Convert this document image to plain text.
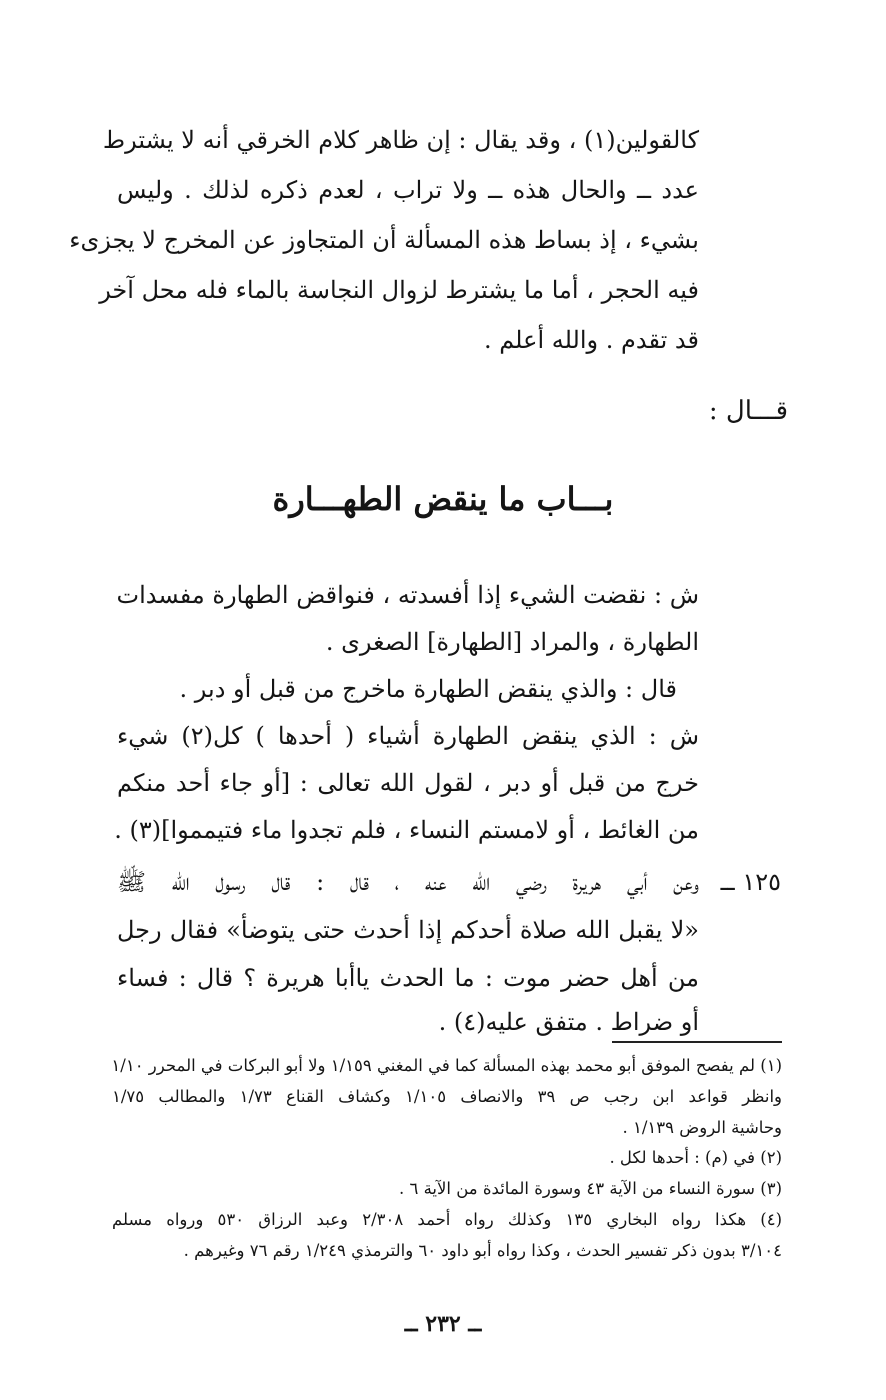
كالقولين(١) ، وقد يقال : إن ظاهر كلام الخرقي أنه لا يشترط
عدد ــ والحال هذه ــ ولا تراب ، لعدم ذكره لذلك . وليس
بشيء ، إذ بساط هذه المسألة أن المتجاوز عن المخرج لا يجزىء
فيه الحجر ، أما ما يشترط لزوال النجاسة بالماء فله محل آخر
قد تقدم . والله أعلم .
قـــال :
بـــاب ما ينقض الطهـــارة
ش : نقضت الشيء إذا أفسدته ، فنواقض الطهارة مفسدات
الطهارة ، والمراد [الطهارة] الصغرى .
قال : والذي ينقض الطهارة ماخرج من قبل أو دبر .
ش : الذي ينقض الطهارة أشياء ( أحدها ) كل(٢) شيء
خرج من قبل أو دبر ، لقول الله تعالى : [أو جاء أحد منكم
من الغائط ، أو لامستم النساء ، فلم تجدوا ماء فتيمموا](٣) .
وعن أبي هريرة رضي الله عنه ، قال : قال رسول الله ﷺ
«لا يقبل الله صلاة أحدكم إذا أحدث حتى يتوضأ» فقال رجل
من أهل حضر موت : ما الحدث ياأبا هريرة ؟ قال : فساء
أو ضراط . متفق عليه(٤) .
١٢٥ ــ
(١) لم يفصح الموفق أبو محمد بهذه المسألة كما في المغني ١/١٥٩ ولا أبو البركات في المحرر ١/١٠
وانظر قواعد ابن رجب ص ٣٩ والانصاف ١/١٠٥ وكشاف القناع ١/٧٣ والمطالب ١/٧٥
وحاشية الروض ١/١٣٩ .
(٢) في (م) : أحدها لكل .
(٣) سورة النساء من الآية ٤٣ وسورة المائدة من الآية ٦ .
(٤) هكذا رواه البخاري ١٣٥ وكذلك رواه أحمد ٢/٣٠٨ وعبد الرزاق ٥٣٠ ورواه مسلم
٣/١٠٤ بدون ذكر تفسير الحدث ، وكذا رواه أبو داود ٦٠ والترمذي ١/٢٤٩ رقم ٧٦ وغيرهم .
ــ ٢٣٢ ــ
